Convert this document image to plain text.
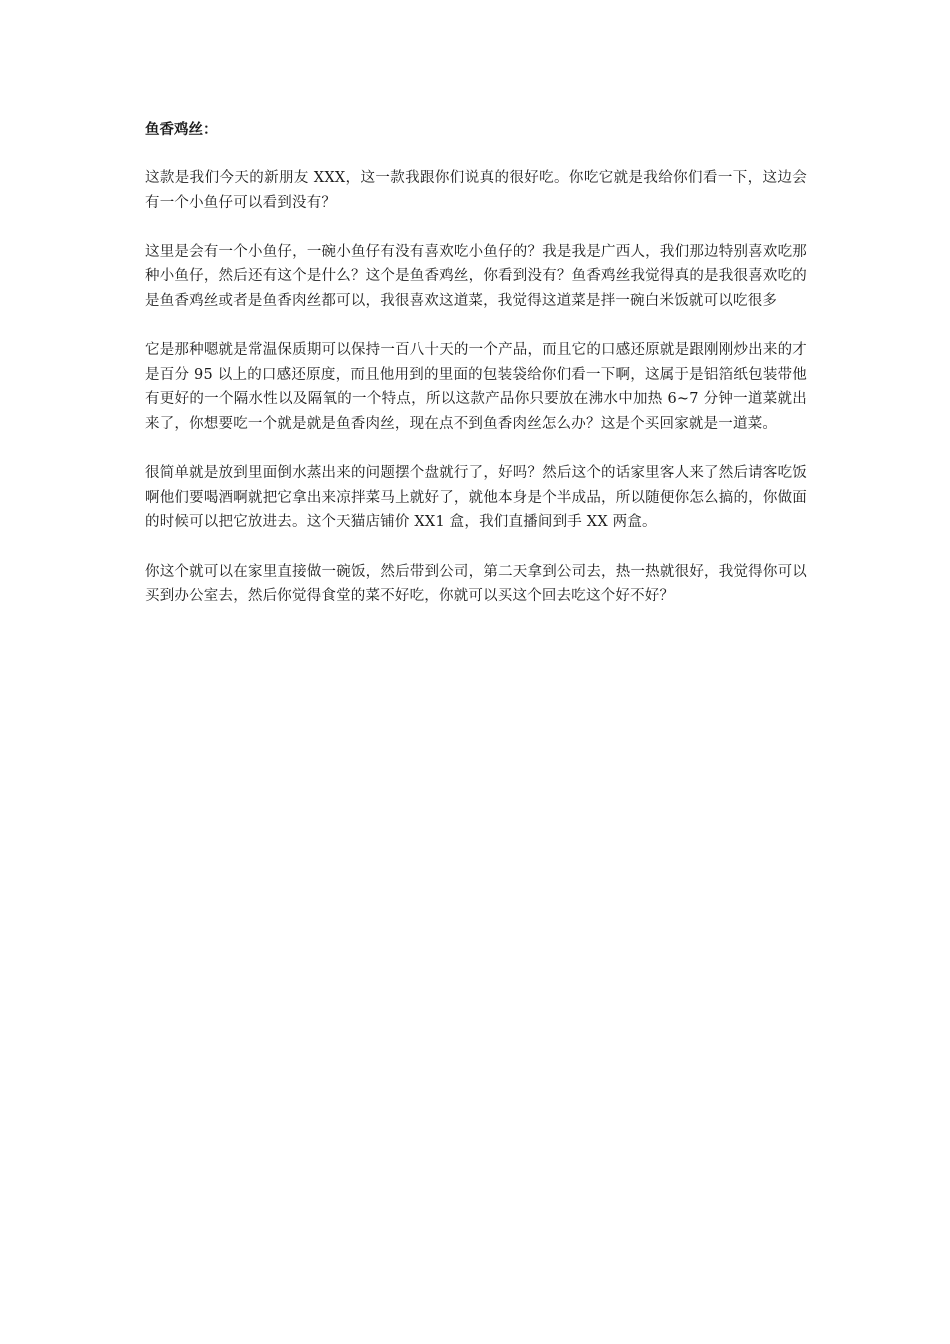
鱼香鸡丝：

这款是我们今天的新朋友 XXX，这一款我跟你们说真的很好吃。你吃它就是我给你们看一下，这边会有一个小鱼仔可以看到没有？

这里是会有一个小鱼仔，一碗小鱼仔有没有喜欢吃小鱼仔的？我是我是广西人，我们那边特别喜欢吃那种小鱼仔，然后还有这个是什么？这个是鱼香鸡丝，你看到没有？鱼香鸡丝我觉得真的是我很喜欢吃的是鱼香鸡丝或者是鱼香肉丝都可以，我很喜欢这道菜，我觉得这道菜是拌一碗白米饭就可以吃很多

它是那种嗯就是常温保质期可以保持一百八十天的一个产品，而且它的口感还原就是跟刚刚炒出来的才是百分 95 以上的口感还原度，而且他用到的里面的包装袋给你们看一下啊，这属于是铝箔纸包装带他有更好的一个隔水性以及隔氧的一个特点，所以这款产品你只要放在沸水中加热 6~7 分钟一道菜就出来了，你想要吃一个就是就是鱼香肉丝，现在点不到鱼香肉丝怎么办？这是个买回家就是一道菜。

很简单就是放到里面倒水蒸出来的问题摆个盘就行了，好吗？然后这个的话家里客人来了然后请客吃饭啊他们要喝酒啊就把它拿出来凉拌菜马上就好了，就他本身是个半成品，所以随便你怎么搞的，你做面的时候可以把它放进去。这个天猫店铺价 XX1 盒，我们直播间到手 XX 两盒。

你这个就可以在家里直接做一碗饭，然后带到公司，第二天拿到公司去，热一热就很好，我觉得你可以买到办公室去，然后你觉得食堂的菜不好吃，你就可以买这个回去吃这个好不好？
